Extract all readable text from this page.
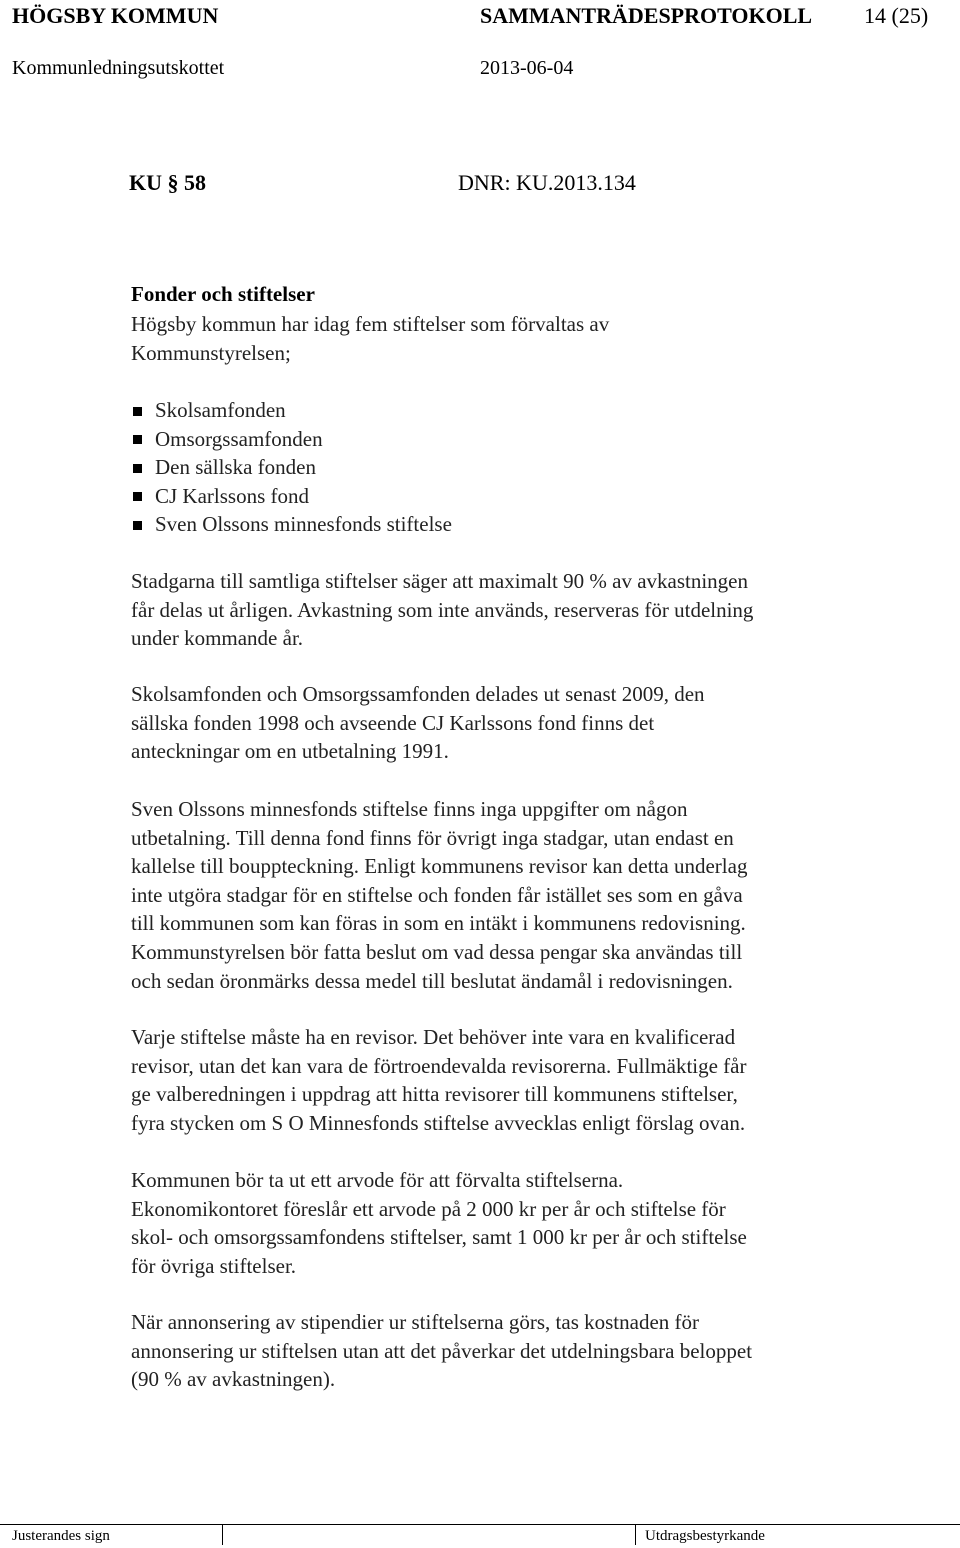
HÖGSBY KOMMUN	SAMMANTRÄDESPROTOKOLL 14 (25)
Kommunledningsutskottet	2013-06-04
KU § 58	DNR: KU.2013.134
Fonder och stiftelser
Högsby kommun har idag fem stiftelser som förvaltas av
Kommunstyrelsen;
Skolsamfonden
Omsorgssamfonden
Den sällska fonden
CJ Karlssons fond
Sven Olssons minnesfonds stiftelse
Stadgarna till samtliga stiftelser säger att maximalt 90 % av avkastningen
får delas ut årligen. Avkastning som inte används, reserveras för utdelning
under kommande år.
Skolsamfonden och Omsorgssamfonden delades ut senast 2009, den
sällska fonden 1998 och avseende CJ Karlssons fond finns det
anteckningar om en utbetalning 1991.
Sven Olssons minnesfonds stiftelse finns inga uppgifter om någon
utbetalning. Till denna fond finns för övrigt inga stadgar, utan endast en
kallelse till bouppteckning. Enligt kommunens revisor kan detta underlag
inte utgöra stadgar för en stiftelse och fonden får istället ses som en gåva
till kommunen som kan föras in som en intäkt i kommunens redovisning.
Kommunstyrelsen bör fatta beslut om vad dessa pengar ska användas till
och sedan öronmärks dessa medel till beslutat ändamål i redovisningen.
Varje stiftelse måste ha en revisor. Det behöver inte vara en kvalificerad
revisor, utan det kan vara de förtroendevalda revisorerna. Fullmäktige får
ge valberedningen i uppdrag att hitta revisorer till kommunens stiftelser,
fyra stycken om S O Minnesfonds stiftelse avvecklas enligt förslag ovan.
Kommunen bör ta ut ett arvode för att förvalta stiftelserna.
Ekonomikontoret föreslår ett arvode på 2 000 kr per år och stiftelse för
skol- och omsorgssamfondens stiftelser, samt 1 000 kr per år och stiftelse
för övriga stiftelser.
När annonsering av stipendier ur stiftelserna görs, tas kostnaden för
annonsering ur stiftelsen utan att det påverkar det utdelningsbara beloppet
(90 % av avkastningen).
Justerandes sign	Utdragsbestyrkande
